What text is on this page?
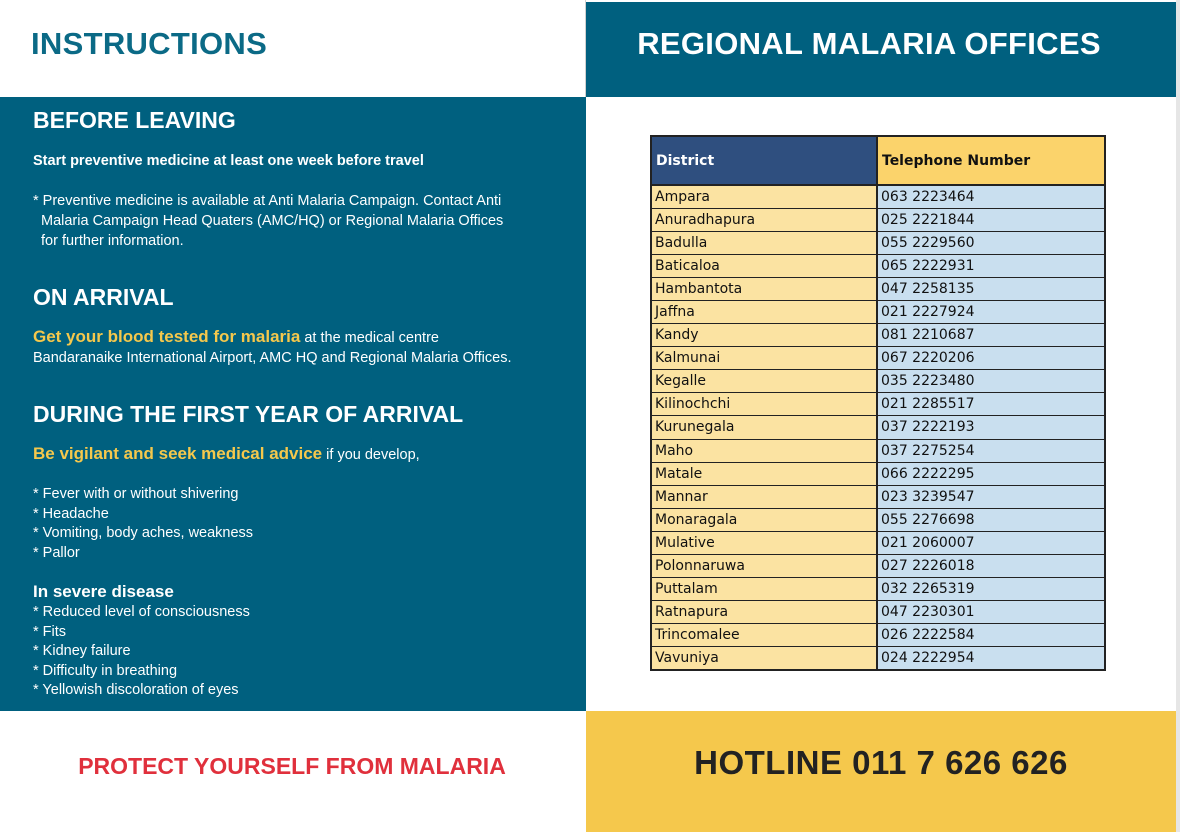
INSTRUCTIONS	REGIONAL MALARIA OFFICES
BEFORE LEAVING
Start preventive medicine at least one week before travel
* Preventive medicine is available at Anti Malaria Campaign. Contact Anti
Malaria Campaign Head Quaters (AMC/HQ) or Regional Malaria Offices
for further information.
ON ARRIVAL
Get your blood tested for malaria at the medical centre
Bandaranaike International Airport, AMC HQ and Regional Malaria Offices.
DURING THE FIRST YEAR OF ARRIVAL
Be vigilant and seek medical advice if you develop,
* Fever with or without shivering
* Headache
* Vomiting, body aches, weakness
* Pallor
In severe disease
* Reduced level of consciousness
* Fits
* Kidney failure
* Difficulty in breathing
* Yellowish discoloration of eyes
District	Telephone Number
Ampara	063 2223464
Anuradhapura	025 2221844
Badulla	055 2229560
Baticaloa	065 2222931
Hambantota	047 2258135
Jaffna	021 2227924
Kandy	081 2210687
Kalmunai	067 2220206
Kegalle	035 2223480
Kilinochchi	021 2285517
Kurunegala	037 2222193
Maho	037 2275254
Matale	066 2222295
Mannar	023 3239547
Monaragala	055 2276698
Mulative	021 2060007
Polonnaruwa	027 2226018
Puttalam	032 2265319
Ratnapura	047 2230301
Trincomalee	026 2222584
Vavuniya	024 2222954
PROTECT YOURSELF FROM MALARIA	HOTLINE 011 7 626 626
